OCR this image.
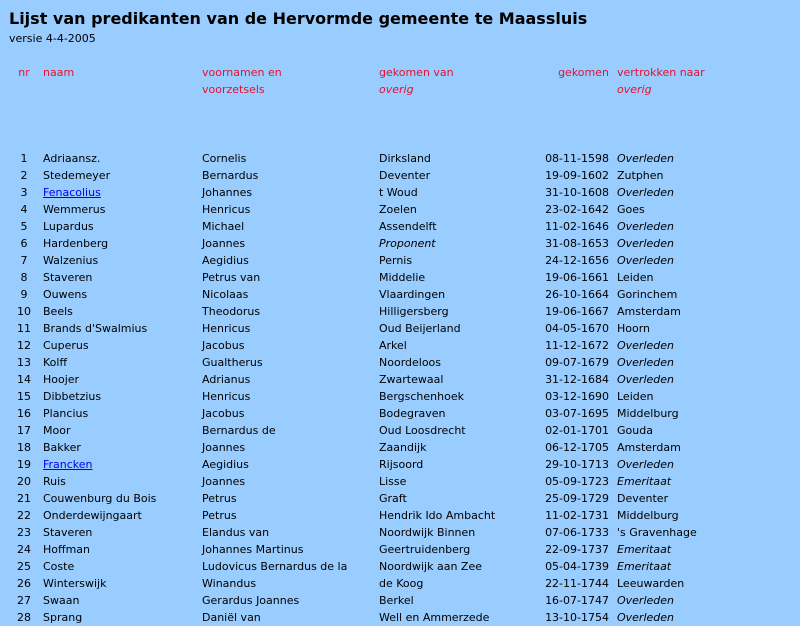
Lijst van predikanten van de Hervormde gemeente te Maassluis
versie 4-4-2005
nr	naam	voornamen en	gekomen van	gekomen	vertrokken naar
		voorzetsels	overig		overig

1	Adriaansz.	Cornelis	Dirksland	08-11-1598	Overleden
2	Stedemeyer	Bernardus	Deventer	19-09-1602	Zutphen
3	Fenacolius	Johannes	t Woud	31-10-1608	Overleden
4	Wemmerus	Henricus	Zoelen	23-02-1642	Goes
5	Lupardus	Michael	Assendelft	11-02-1646	Overleden
6	Hardenberg	Joannes	Proponent	31-08-1653	Overleden
7	Walzenius	Aegidius	Pernis	24-12-1656	Overleden
8	Staveren	Petrus van	Middelie	19-06-1661	Leiden
9	Ouwens	Nicolaas	Vlaardingen	26-10-1664	Gorinchem
10	Beels	Theodorus	Hilligersberg	19-06-1667	Amsterdam
11	Brands d'Swalmius	Henricus	Oud Beijerland	04-05-1670	Hoorn
12	Cuperus	Jacobus	Arkel	11-12-1672	Overleden
13	Kolff	Gualtherus	Noordeloos	09-07-1679	Overleden
14	Hoojer	Adrianus	Zwartewaal	31-12-1684	Overleden
15	Dibbetzius	Henricus	Bergschenhoek	03-12-1690	Leiden
16	Plancius	Jacobus	Bodegraven	03-07-1695	Middelburg
17	Moor	Bernardus de	Oud Loosdrecht	02-01-1701	Gouda
18	Bakker	Joannes	Zaandijk	06-12-1705	Amsterdam
19	Francken	Aegidius	Rijsoord	29-10-1713	Overleden
20	Ruis	Joannes	Lisse	05-09-1723	Emeritaat
21	Couwenburg du Bois	Petrus	Graft	25-09-1729	Deventer
22	Onderdewijngaart	Petrus	Hendrik Ido Ambacht	11-02-1731	Middelburg
23	Staveren	Elandus van	Noordwijk Binnen	07-06-1733	's Gravenhage
24	Hoffman	Johannes Martinus	Geertruidenberg	22-09-1737	Emeritaat
25	Coste	Ludovicus Bernardus de la	Noordwijk aan Zee	05-04-1739	Emeritaat
26	Winterswijk	Winandus	de Koog	22-11-1744	Leeuwarden
27	Swaan	Gerardus Joannes	Berkel	16-07-1747	Overleden
28	Sprang	Daniël van	Well en Ammerzede	13-10-1754	Overleden
